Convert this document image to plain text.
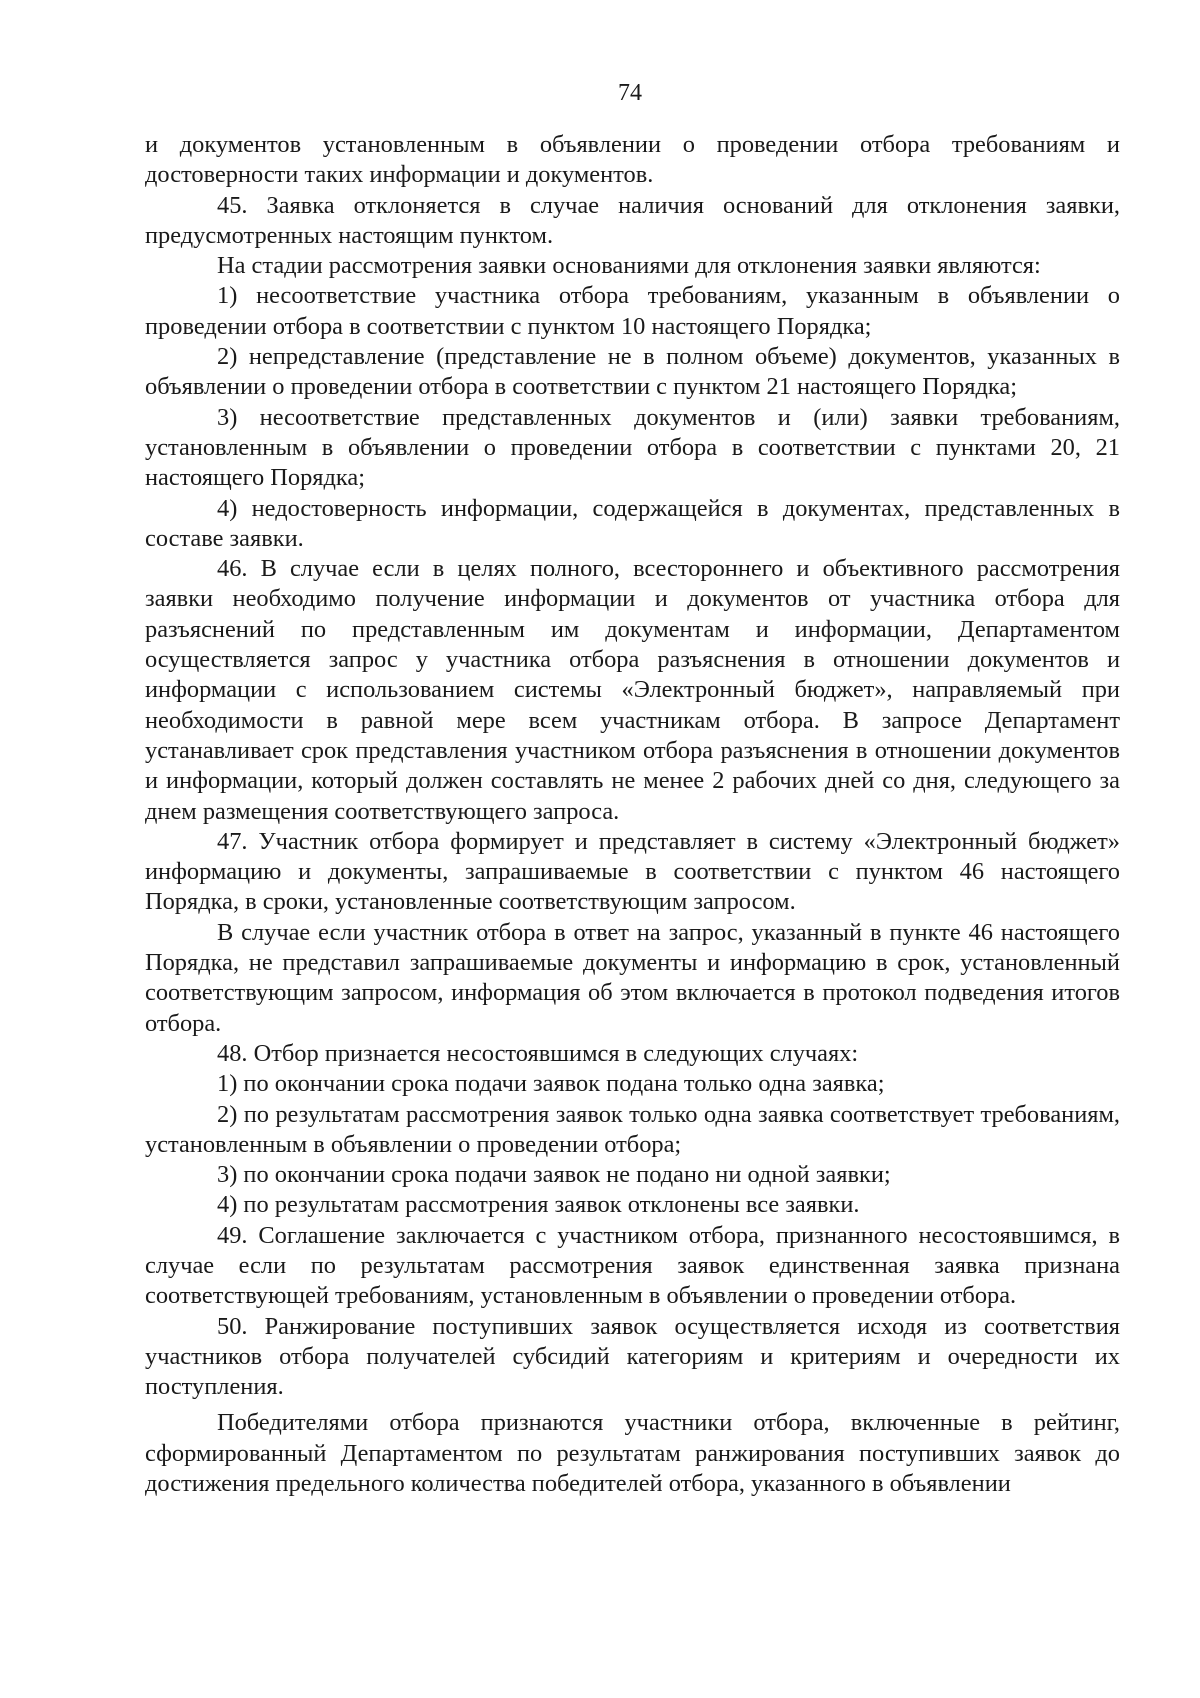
74

и документов установленным в объявлении о проведении отбора требованиям и достоверности таких информации и документов.

45. Заявка отклоняется в случае наличия оснований для отклонения заявки, предусмотренных настоящим пунктом.

На стадии рассмотрения заявки основаниями для отклонения заявки являются:

1) несоответствие участника отбора требованиям, указанным в объявлении о проведении отбора в соответствии с пунктом 10 настоящего Порядка;

2) непредставление (представление не в полном объеме) документов, указанных в объявлении о проведении отбора в соответствии с пунктом 21 настоящего Порядка;

3) несоответствие представленных документов и (или) заявки требованиям, установленным в объявлении о проведении отбора в соответствии с пунктами 20, 21 настоящего Порядка;

4) недостоверность информации, содержащейся в документах, представленных в составе заявки.

46. В случае если в целях полного, всестороннего и объективного рассмотрения заявки необходимо получение информации и документов от участника отбора для разъяснений по представленным им документам и информации, Департаментом осуществляется запрос у участника отбора разъяснения в отношении документов и информации с использованием системы «Электронный бюджет», направляемый при необходимости в равной мере всем участникам отбора. В запросе Департамент устанавливает срок представления участником отбора разъяснения в отношении документов и информации, который должен составлять не менее 2 рабочих дней со дня, следующего за днем размещения соответствующего запроса.

47. Участник отбора формирует и представляет в систему «Электронный бюджет» информацию и документы, запрашиваемые в соответствии с пунктом 46 настоящего Порядка, в сроки, установленные соответствующим запросом.

В случае если участник отбора в ответ на запрос, указанный в пункте 46 настоящего Порядка, не представил запрашиваемые документы и информацию в срок, установленный соответствующим запросом, информация об этом включается в протокол подведения итогов отбора.

48. Отбор признается несостоявшимся в следующих случаях:

1) по окончании срока подачи заявок подана только одна заявка;

2) по результатам рассмотрения заявок только одна заявка соответствует требованиям, установленным в объявлении о проведении отбора;

3) по окончании срока подачи заявок не подано ни одной заявки;

4) по результатам рассмотрения заявок отклонены все заявки.

49. Соглашение заключается с участником отбора, признанного несостоявшимся, в случае если по результатам рассмотрения заявок единственная заявка признана соответствующей требованиям, установленным в объявлении о проведении отбора.

50. Ранжирование поступивших заявок осуществляется исходя из соответствия участников отбора получателей субсидий категориям и критериям и очередности их поступления.

Победителями отбора признаются участники отбора, включенные в рейтинг, сформированный Департаментом по результатам ранжирования поступивших заявок до достижения предельного количества победителей отбора, указанного в объявлении
